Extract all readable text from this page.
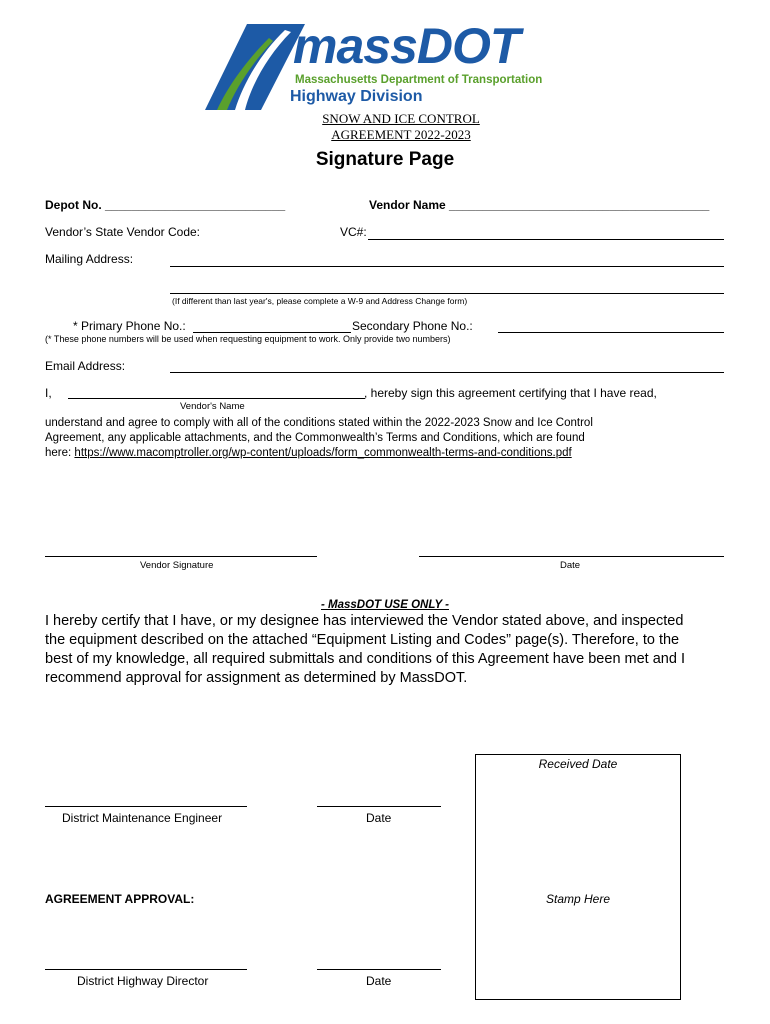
massDOT
Massachusetts Department of Transportation
Highway Division
SNOW AND ICE CONTROL
AGREEMENT 2022-2023
Signature Page
Depot No. ___________________________	Vendor Name _______________________________________
Vendor’s State Vendor Code:	VC#:
Mailing Address:
(If different than last year's, please complete a W-9 and Address Change form)
* Primary Phone No.:	Secondary Phone No.:
(* These phone numbers will be used when requesting equipment to work. Only provide two numbers)
Email Address:
I,	, hereby sign this agreement certifying that I have read,
Vendor's Name
understand and agree to comply with all of the conditions stated within the 2022-2023 Snow and Ice Control
Agreement, any applicable attachments, and the Commonwealth’s Terms and Conditions, which are found
here: https://www.macomptroller.org/wp-content/uploads/form_commonwealth-terms-and-conditions.pdf
Vendor Signature	Date
- MassDOT USE ONLY -
I hereby certify that I have, or my designee has interviewed the Vendor stated above, and inspected
the equipment described on the attached “Equipment Listing and Codes” page(s). Therefore, to the
best of my knowledge, all required submittals and conditions of this Agreement have been met and I
recommend approval for assignment as determined by MassDOT.
District Maintenance Engineer	Date
AGREEMENT APPROVAL:
District Highway Director	Date
Received Date
Stamp Here
